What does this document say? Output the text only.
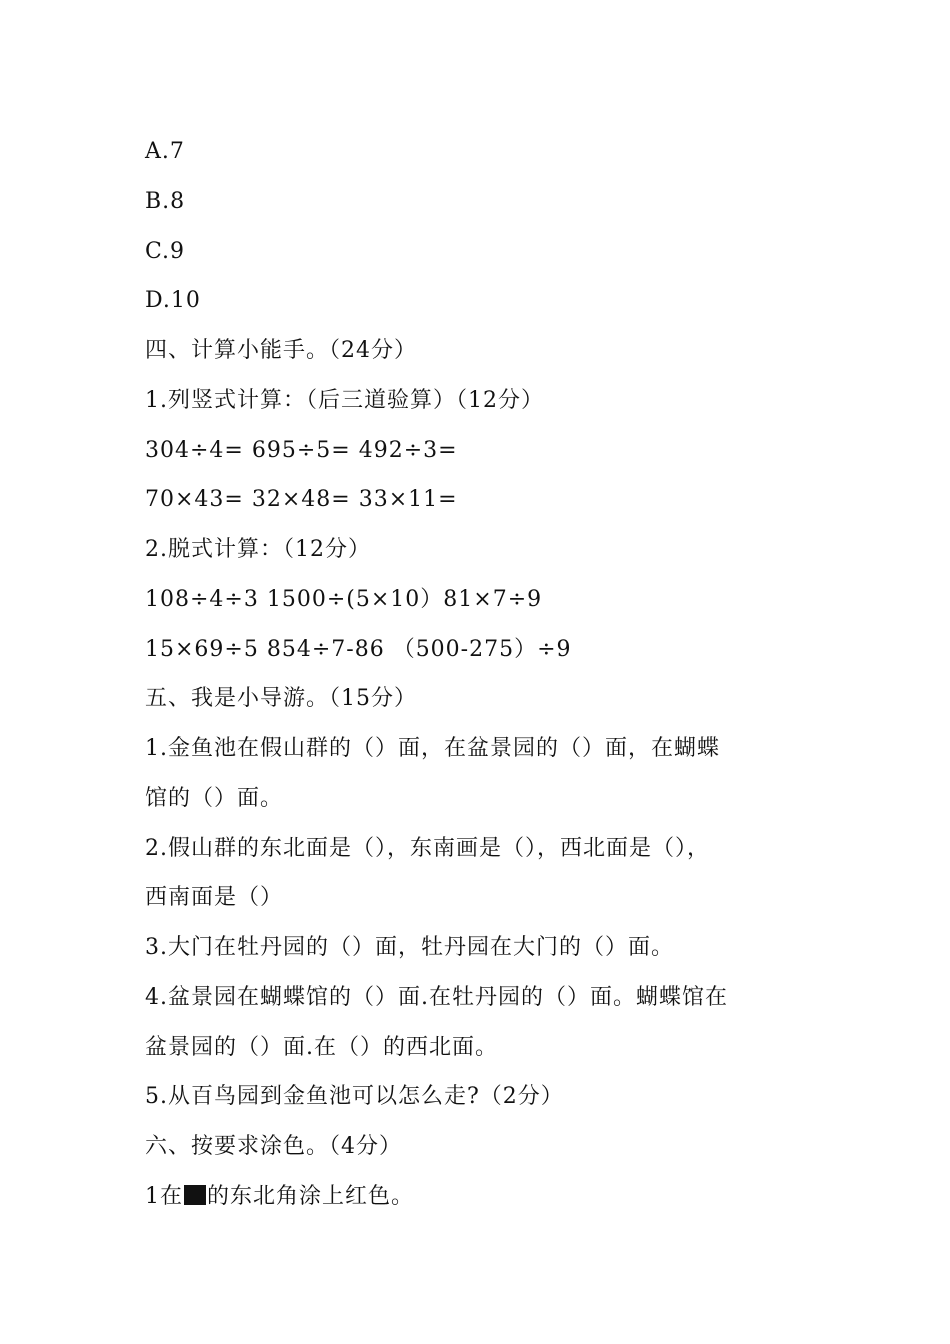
A.7
B.8
C.9
D.10
四、计算小能手。（24分）
1.列竖式计算：（后三道验算）（12分）
304÷4= 695÷5= 492÷3=
70×43= 32×48= 33×11=
2.脱式计算：（12分）
108÷4÷3 1500÷(5×10）81×7÷9
15×69÷5 854÷7-86 （500-275）÷9
五、我是小导游。（15分）
1.金鱼池在假山群的（）面，在盆景园的（）面，在蝴蝶
馆的（）面。
2.假山群的东北面是（），东南画是（），西北面是（），
西南面是（）
3.大门在牡丹园的（）面，牡丹园在大门的（）面。
4.盆景园在蝴蝶馆的（）面.在牡丹园的（）面。蝴蝶馆在
盆景园的（）面.在（）的西北面。
5.从百鸟园到金鱼池可以怎么走?（2分）
六、按要求涂色。（4分）
1在 的东北角涂上红色。
